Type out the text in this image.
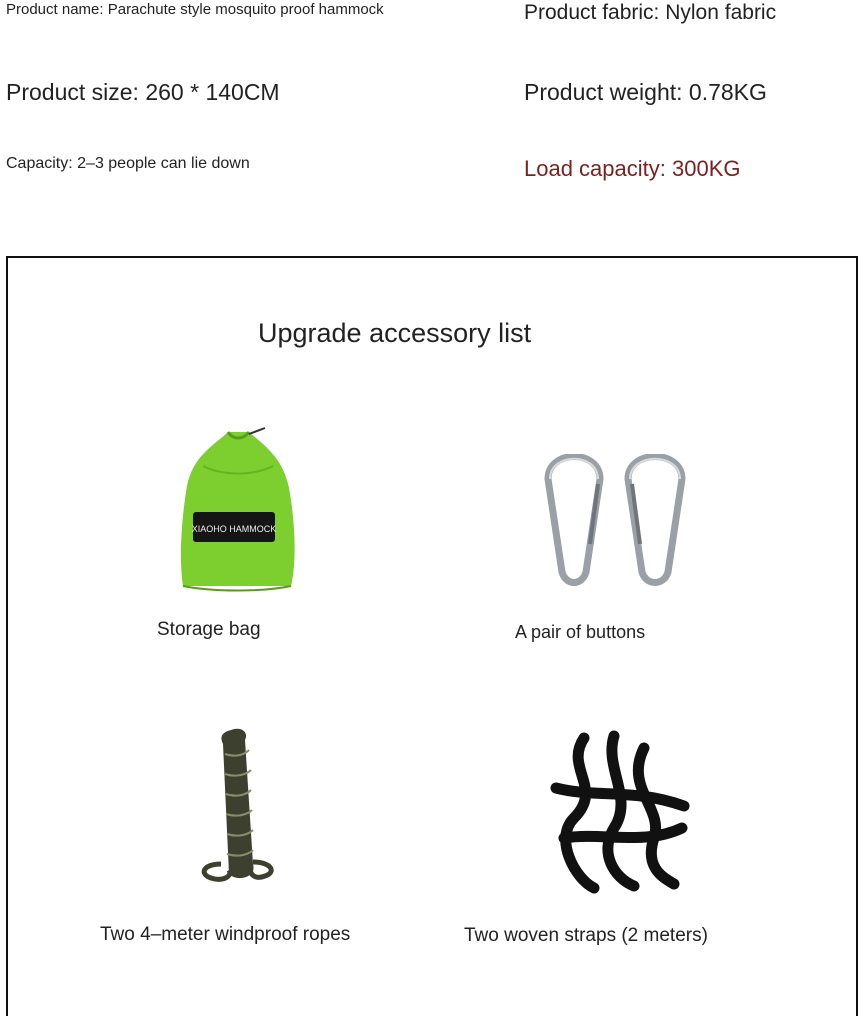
Product name: Parachute style mosquito proof hammock	Product fabric: Nylon fabric
Product size: 260 * 140CM	Product weight: 0.78KG
Capacity: 2–3 people can lie down	Load capacity: 300KG
Upgrade accessory list
XIAOHO HAMMOCK
Storage bag	A pair of buttons
Two 4–meter windproof ropes	Two woven straps (2 meters)
